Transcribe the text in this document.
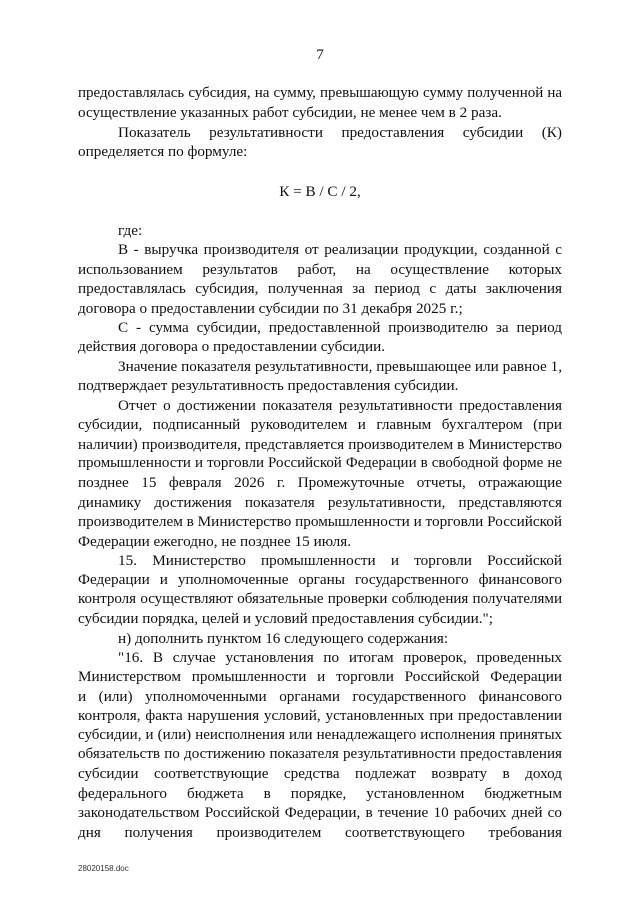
7
предоставлялась субсидия, на сумму, превышающую сумму полученной на
осуществление указанных работ субсидии, не менее чем в 2 раза.
Показатель результативности предоставления субсидии (К)
определяется по формуле:
К = В / С / 2,
где:
В - выручка производителя от реализации продукции, созданной с
использованием результатов работ, на осуществление которых
предоставлялась субсидия, полученная за период с даты заключения
договора о предоставлении субсидии по 31 декабря 2025 г.;
С - сумма субсидии, предоставленной производителю за период
действия договора о предоставлении субсидии.
Значение показателя результативности, превышающее или равное 1,
подтверждает результативность предоставления субсидии.
Отчет о достижении показателя результативности предоставления
субсидии, подписанный руководителем и главным бухгалтером (при
наличии) производителя, представляется производителем в Министерство
промышленности и торговли Российской Федерации в свободной форме не
позднее 15 февраля 2026 г. Промежуточные отчеты, отражающие
динамику достижения показателя результативности, представляются
производителем в Министерство промышленности и торговли Российской
Федерации ежегодно, не позднее 15 июля.
15. Министерство промышленности и торговли Российской
Федерации и уполномоченные органы государственного финансового
контроля осуществляют обязательные проверки соблюдения получателями
субсидии порядка, целей и условий предоставления субсидии.";
н) дополнить пунктом 16 следующего содержания:
"16. В случае установления по итогам проверок, проведенных
Министерством промышленности и торговли Российской Федерации
и (или) уполномоченными органами государственного финансового
контроля, факта нарушения условий, установленных при предоставлении
субсидии, и (или) неисполнения или ненадлежащего исполнения принятых
обязательств по достижению показателя результативности предоставления
субсидии соответствующие средства подлежат возврату в доход
федерального бюджета в порядке, установленном бюджетным
законодательством Российской Федерации, в течение 10 рабочих дней со
дня получения производителем соответствующего требования
28020158.doc
